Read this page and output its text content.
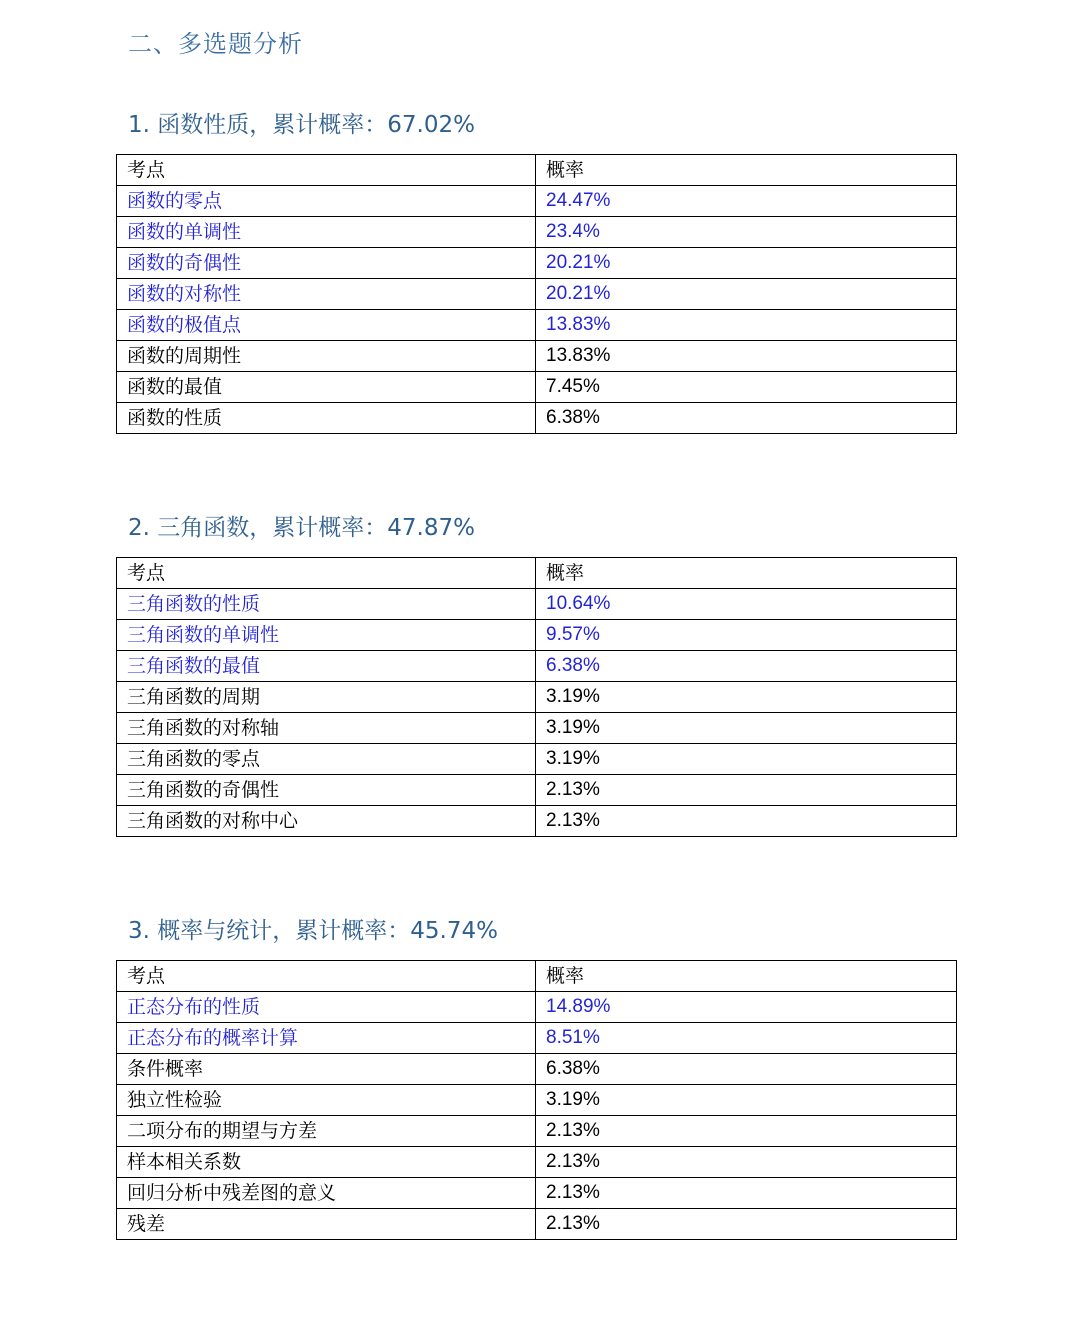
二、多选题分析
1. 函数性质，累计概率：67.02%
考点	概率
函数的零点	24.47%
函数的单调性	23.4%
函数的奇偶性	20.21%
函数的对称性	20.21%
函数的极值点	13.83%
函数的周期性	13.83%
函数的最值	7.45%
函数的性质	6.38%
2. 三角函数，累计概率：47.87%
考点	概率
三角函数的性质	10.64%
三角函数的单调性	9.57%
三角函数的最值	6.38%
三角函数的周期	3.19%
三角函数的对称轴	3.19%
三角函数的零点	3.19%
三角函数的奇偶性	2.13%
三角函数的对称中心	2.13%
3. 概率与统计，累计概率：45.74%
考点	概率
正态分布的性质	14.89%
正态分布的概率计算	8.51%
条件概率	6.38%
独立性检验	3.19%
二项分布的期望与方差	2.13%
样本相关系数	2.13%
回归分析中残差图的意义	2.13%
残差	2.13%
